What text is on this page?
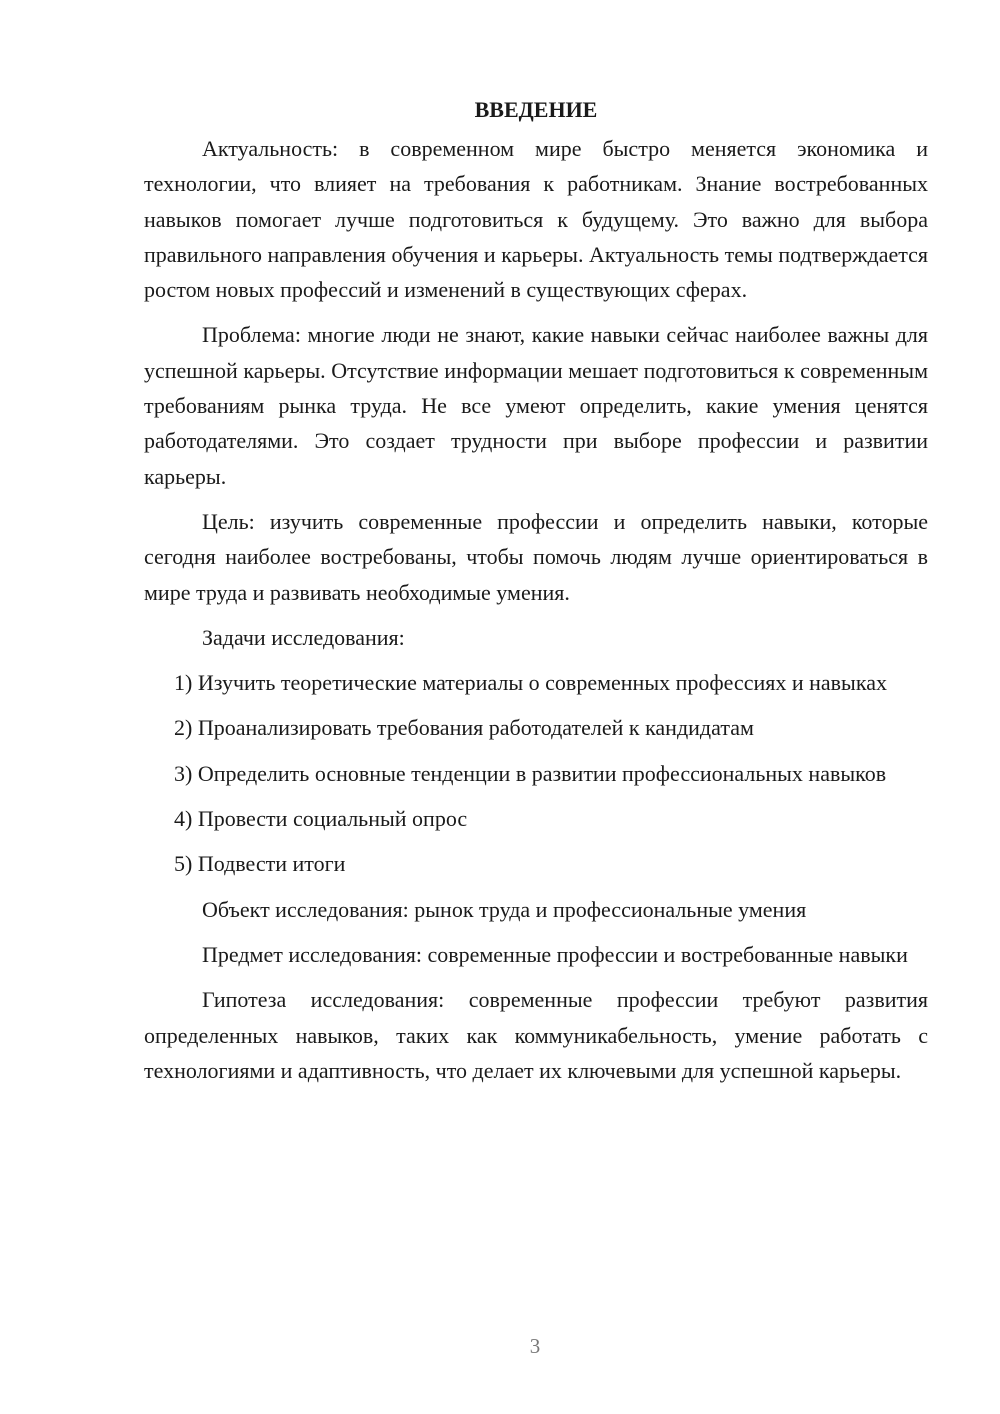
ВВЕДЕНИЕ

Актуальность: в современном мире быстро меняется экономика и технологии, что влияет на требования к работникам. Знание востребованных навыков помогает лучше подготовиться к будущему. Это важно для выбора правильного направления обучения и карьеры. Актуальность темы подтверждается ростом новых профессий и изменений в существующих сферах.

Проблема: многие люди не знают, какие навыки сейчас наиболее важны для успешной карьеры. Отсутствие информации мешает подготовиться к современным требованиям рынка труда. Не все умеют определить, какие умения ценятся работодателями. Это создает трудности при выборе профессии и развитии карьеры.

Цель: изучить современные профессии и определить навыки, которые сегодня наиболее востребованы, чтобы помочь людям лучше ориентироваться в мире труда и развивать необходимые умения.

Задачи исследования:

1) Изучить теоретические материалы о современных профессиях и навыках

2) Проанализировать требования работодателей к кандидатам

3) Определить основные тенденции в развитии профессиональных навыков

4) Провести социальный опрос

5) Подвести итоги

Объект исследования: рынок труда и профессиональные умения

Предмет исследования: современные профессии и востребованные навыки

Гипотеза исследования: современные профессии требуют развития определенных навыков, таких как коммуникабельность, умение работать с технологиями и адаптивность, что делает их ключевыми для успешной карьеры.

3
